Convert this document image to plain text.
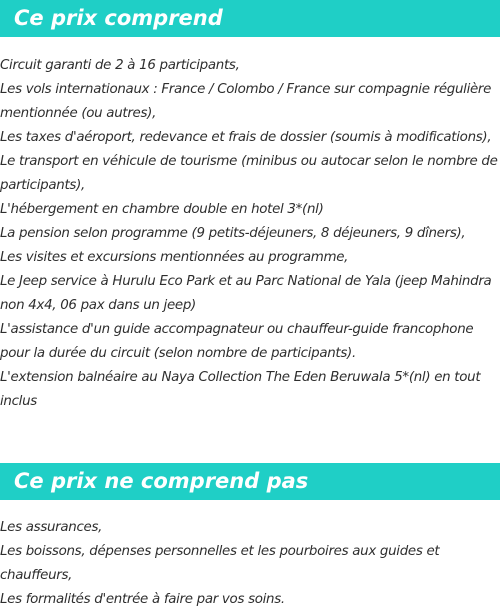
Ce prix comprend
Circuit garanti de 2 à 16 participants,
Les vols internationaux : France / Colombo / France sur compagnie régulière mentionnée (ou autres),
Les taxes d'aéroport, redevance et frais de dossier (soumis à modifications),
Le transport en véhicule de tourisme (minibus ou autocar selon le nombre de participants),
L'hébergement en chambre double en hotel 3*(nl)
La pension selon programme (9 petits-déjeuners, 8 déjeuners, 9 dîners),
Les visites et excursions mentionnées au programme,
Le Jeep service à Hurulu Eco Park et au Parc National de Yala (jeep Mahindra non 4x4, 06 pax dans un jeep)
L'assistance d'un guide accompagnateur ou chauffeur-guide francophone pour la durée du circuit (selon nombre de participants).
L'extension balnéaire au Naya Collection The Eden Beruwala 5*(nl) en tout inclus
Ce prix ne comprend pas
Les assurances,
Les boissons, dépenses personnelles et les pourboires aux guides et chauffeurs,
Les formalités d'entrée à faire par vos soins.
